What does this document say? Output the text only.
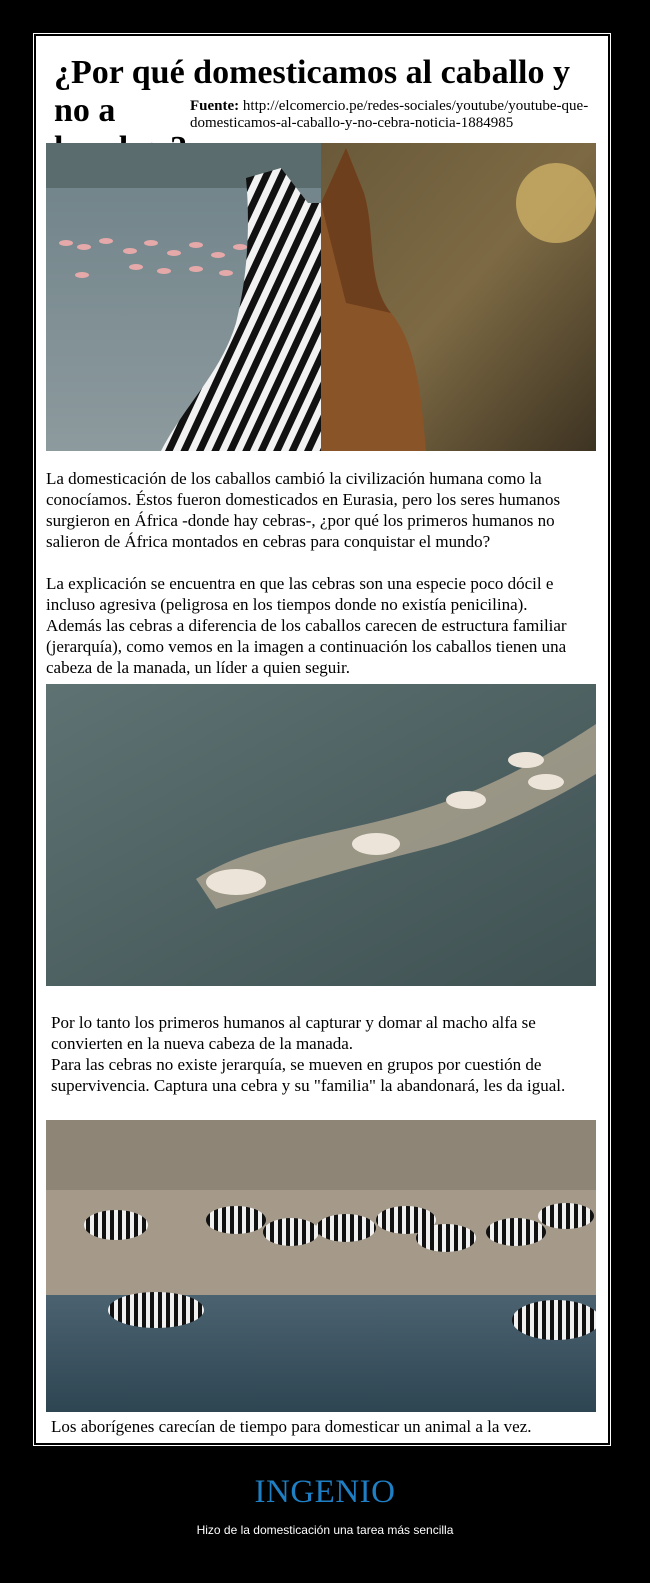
¿Por qué domesticamos al caballo y no a	Fuente: http://elcomercio.pe/redes-sociales/youtube/youtube-que-domesticamos-al-caballo-y-no-cebra-noticia-1884985

La domesticación de los caballos cambió la civilización humana como la conocíamos. Éstos fueron domesticados en Eurasia, pero los seres humanos surgieron en África -donde hay cebras-, ¿por qué los primeros humanos no salieron de África montados en cebras para conquistar el mundo?

La explicación se encuentra en que las cebras son una especie poco dócil e incluso agresiva (peligrosa en los tiempos donde no existía penicilina).

Además las cebras a diferencia de los caballos carecen de estructura familiar (jerarquía), como vemos en la imagen a continuación los caballos tienen una cabeza de la manada, un líder a quien seguir.

Por lo tanto los primeros humanos al capturar y domar al macho alfa se convierten en la nueva cabeza de la manada.

Para las cebras no existe jerarquía, se mueven en grupos por cuestión de supervivencia. Captura una cebra y su "familia" la abandonará, les da igual.

Los aborígenes carecían de tiempo para domesticar un animal a la vez.
INGENIO
Hizo de la domesticación una tarea más sencilla
